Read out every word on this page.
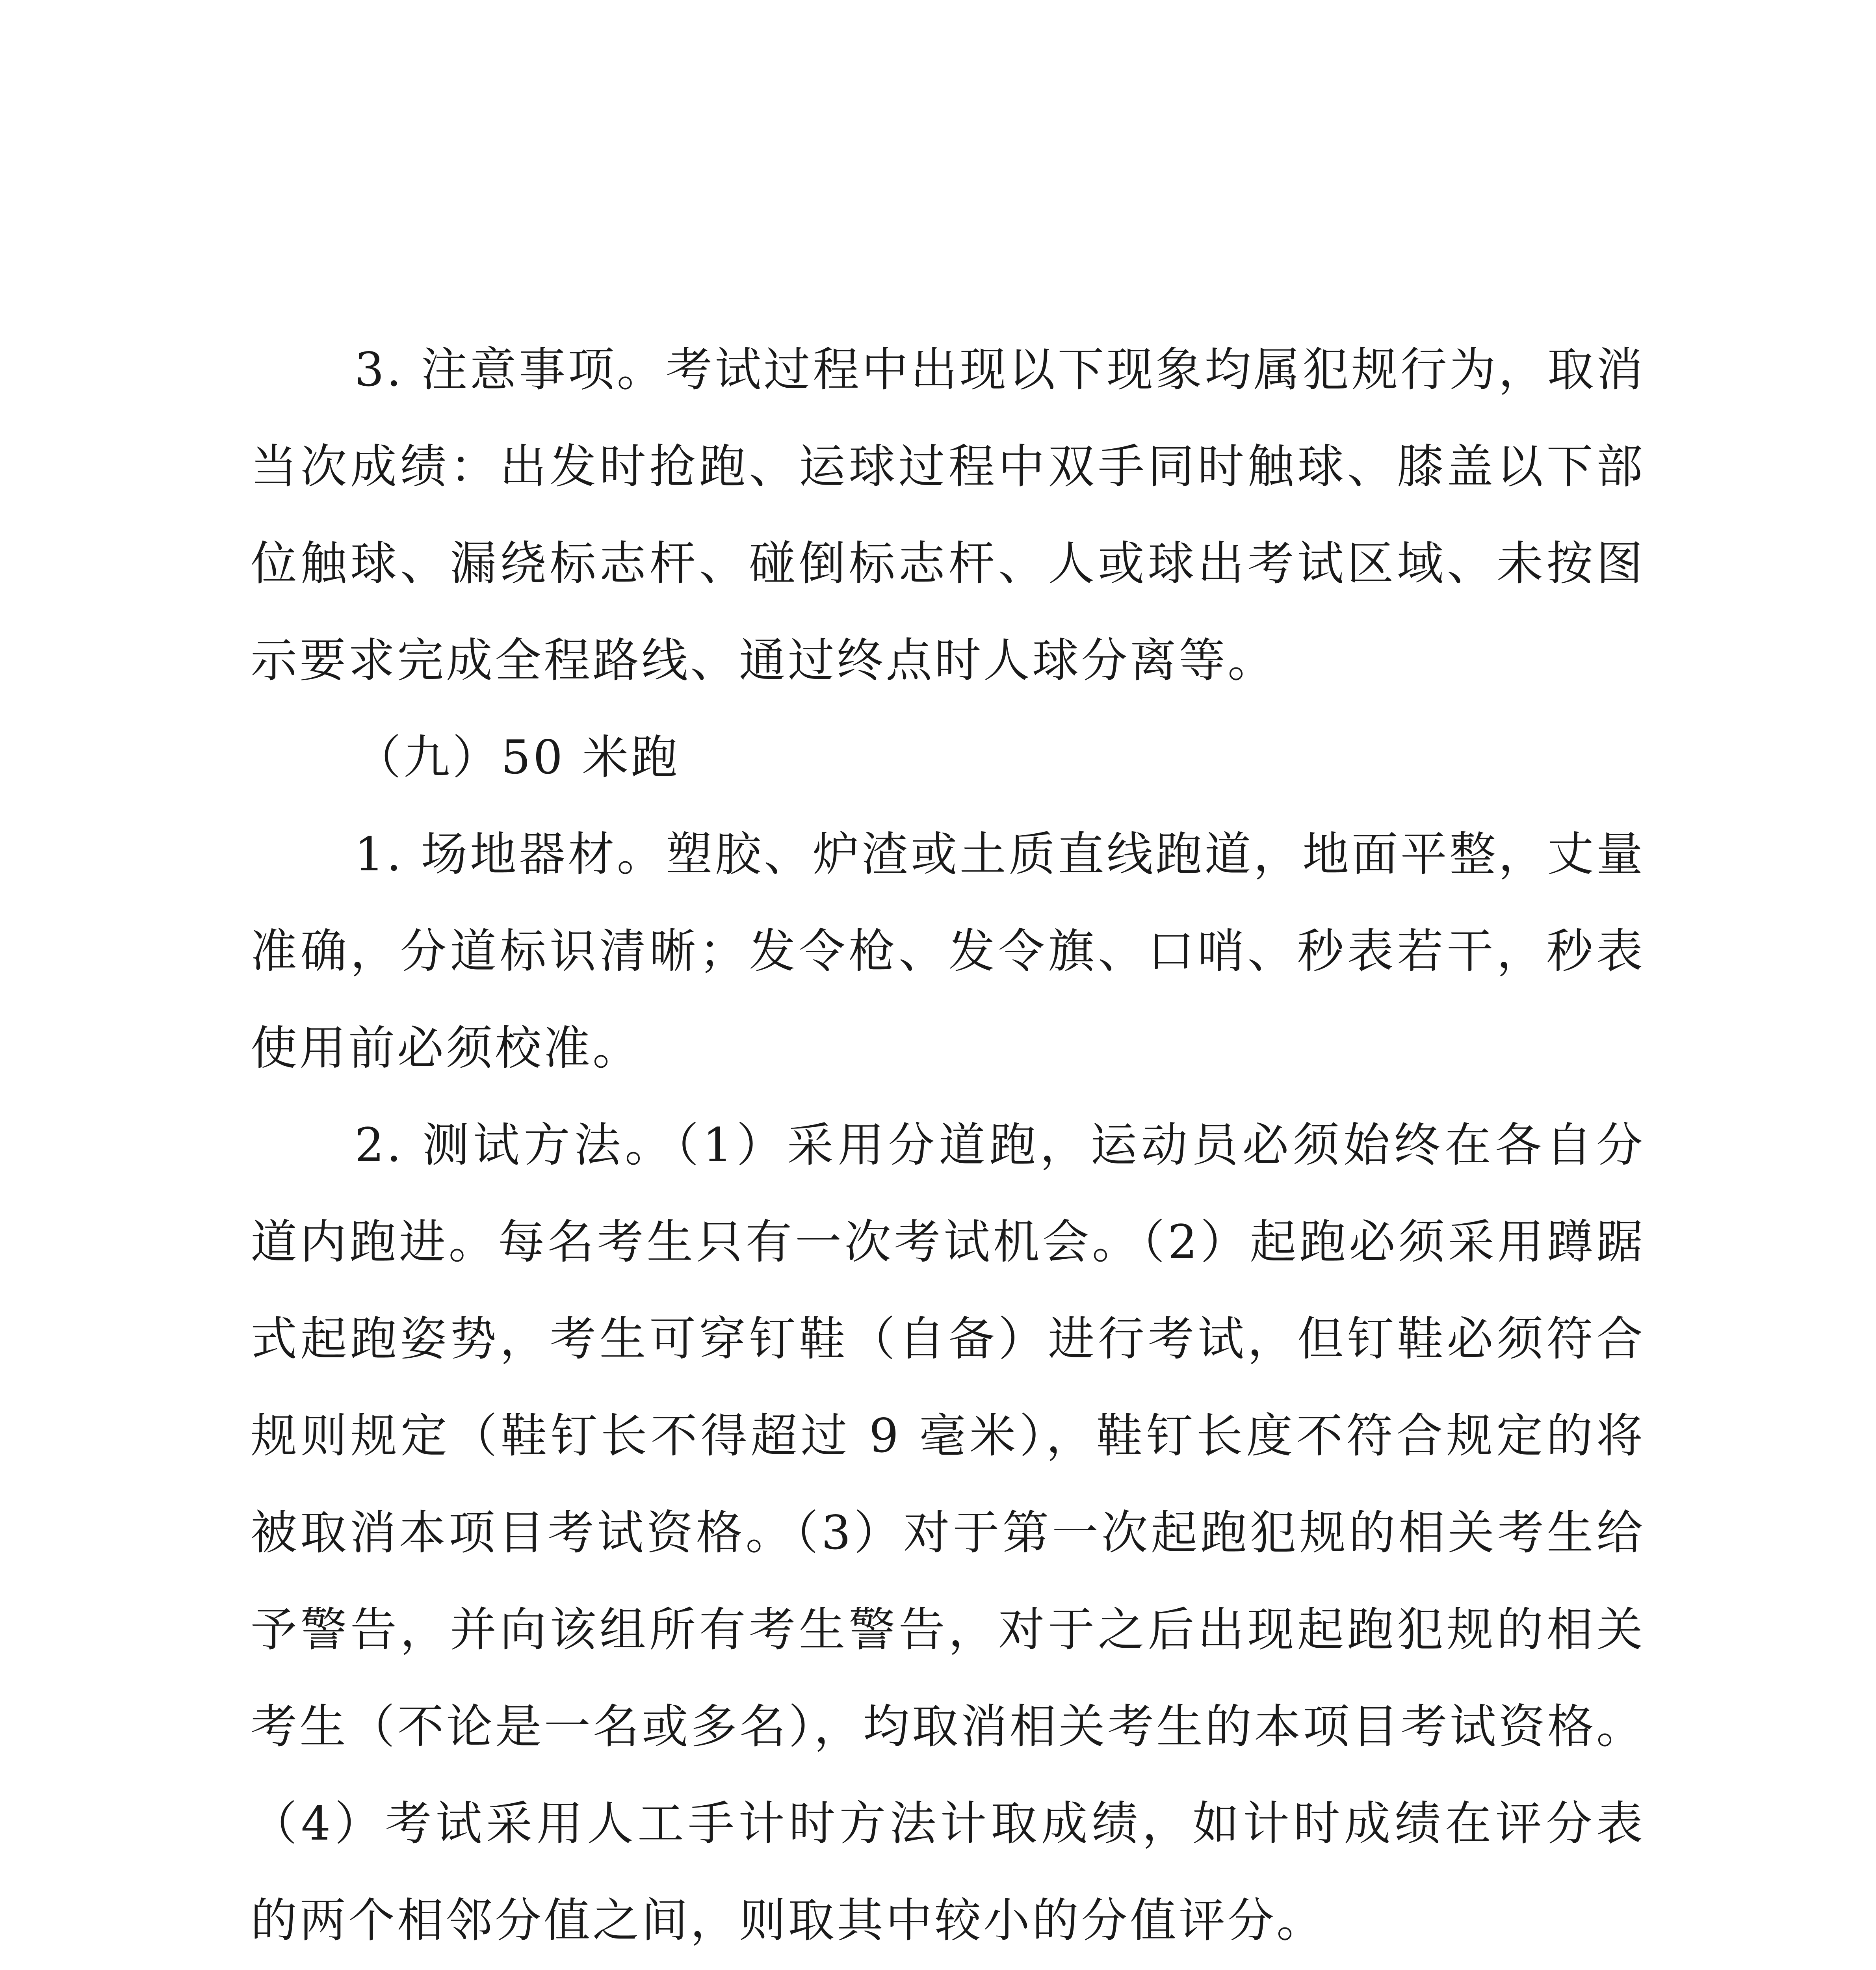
3. 注意事项。考试过程中出现以下现象均属犯规行为，取消当次成绩：出发时抢跑、运球过程中双手同时触球、膝盖以下部位触球、漏绕标志杆、碰倒标志杆、人或球出考试区域、未按图示要求完成全程路线、通过终点时人球分离等。

（九）50 米跑

1. 场地器材。塑胶、炉渣或土质直线跑道，地面平整，丈量准确，分道标识清晰；发令枪、发令旗、口哨、秒表若干，秒表使用前必须校准。

2. 测试方法。（1）采用分道跑，运动员必须始终在各自分道内跑进。每名考生只有一次考试机会。（2）起跑必须采用蹲踞式起跑姿势，考生可穿钉鞋（自备）进行考试，但钉鞋必须符合规则规定（鞋钉长不得超过 9 毫米），鞋钉长度不符合规定的将被取消本项目考试资格。（3）对于第一次起跑犯规的相关考生给予警告，并向该组所有考生警告，对于之后出现起跑犯规的相关考生（不论是一名或多名），均取消相关考生的本项目考试资格。（4）考试采用人工手计时方法计取成绩，如计时成绩在评分表的两个相邻分值之间，则取其中较小的分值评分。
